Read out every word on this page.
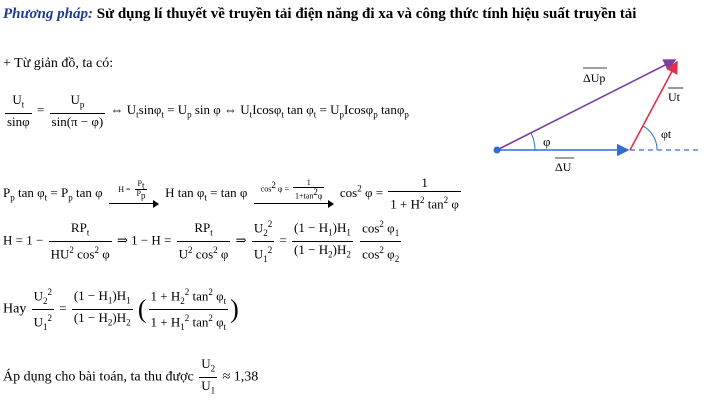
Phương pháp: Sử dụng lí thuyết về truyền tải điện năng đi xa và công thức tính hiệu suất truyền tải
+ Từ giản đồ, ta có:
$\frac{U_t}{\sin\varphi} = \frac{U_p}{\sin(\pi - \varphi)}$ ⇔ $U_t\sin\varphi_t = U_p$ sin φ ⇔ $U_tIcos\varphi_t$ $\tan \varphi_t = U_pIcos\varphi_p$ tanφ$_p$
$P_p$ $\tan \varphi_t = P_p$ tan φ $H = \frac{P_t}{P_p}$ H $\tan \varphi_t = \tan \varphi$ $\cos^2 \varphi = \frac{1}{1+\tan^2\varphi} \cos^2 \varphi = \frac{1}{1 + H^2 \tan^2 \varphi}$
$H = 1 - \frac{RP_t}{HU^2 \cos^2 \varphi}$ ⇒ $1 - H = \frac{RP_t}{U^2 \cos^2 \varphi}$ ⇒ $\frac{U_2^2}{U_1^2} = \frac{(1 - H_1)H_1}{(1 - H_2)H_2}$
$\frac{\cos^2 \varphi_1}{\cos^2 \varphi_2}$
Hay $\frac{U_2^2}{U_1^2} = \frac{(1 - H_1)H_1}{(1 - H_2)H_2}$ ( $\frac{1 + H_2^2 \tan^2 \varphi_t}{1 + H_1^2 \tan^2 \varphi_t}$ )
Áp dụng cho bài toán, ta thu được $\frac{U_2}{U_1} \approx 1,38$
φ	φt
ΔUp
Ut
ΔU
